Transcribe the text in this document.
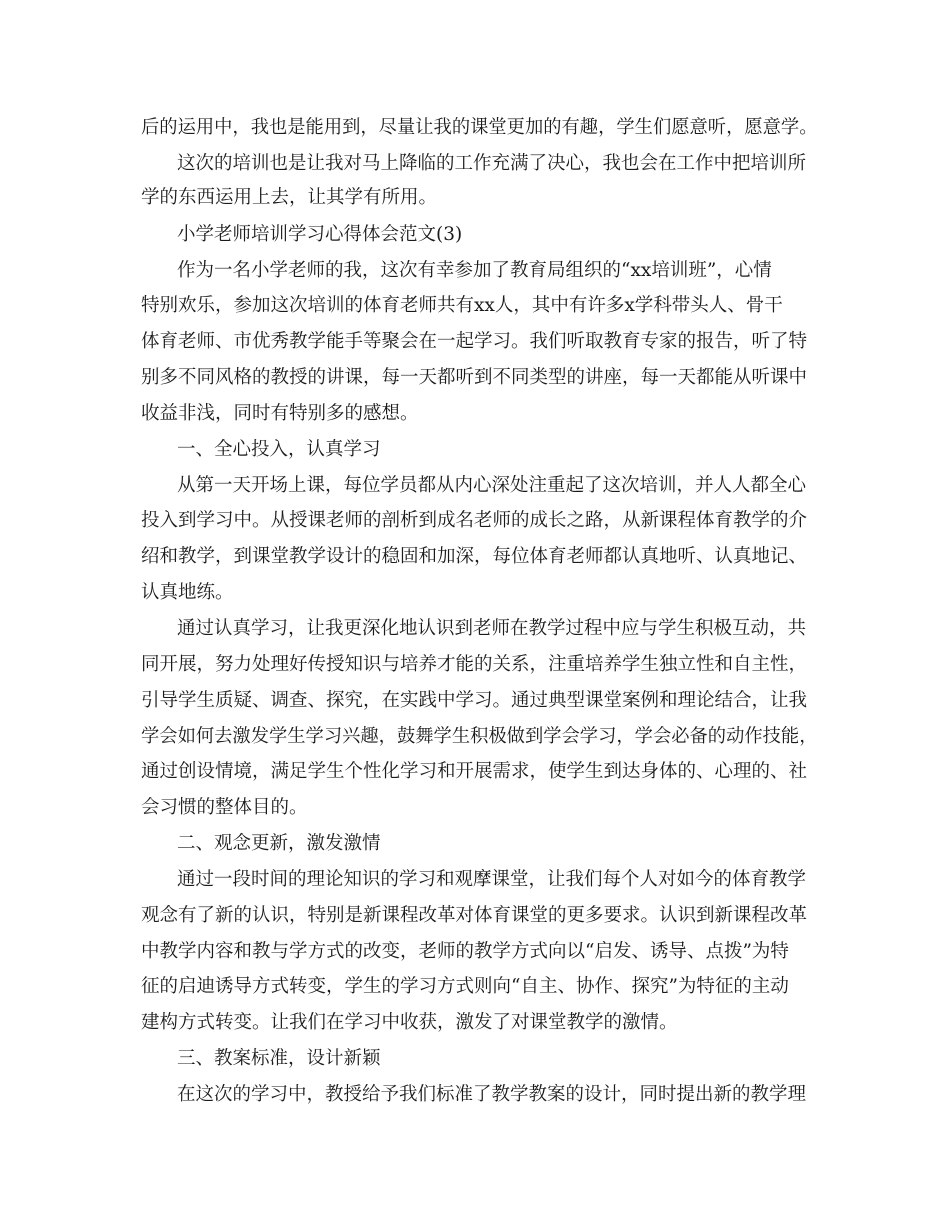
后的运用中，我也是能用到，尽量让我的课堂更加的有趣，学生们愿意听，愿意学。
这次的培训也是让我对马上降临的工作充满了决心，我也会在工作中把培训所
学的东西运用上去，让其学有所用。
小学老师培训学习心得体会范文(3)
作为一名小学老师的我，这次有幸参加了教育局组织的“xx培训班”，心情
特别欢乐，参加这次培训的体育老师共有xx人，其中有许多x学科带头人、骨干
体育老师、市优秀教学能手等聚会在一起学习。我们听取教育专家的报告，听了特
别多不同风格的教授的讲课，每一天都听到不同类型的讲座，每一天都能从听课中
收益非浅，同时有特别多的感想。
一、全心投入，认真学习
从第一天开场上课，每位学员都从内心深处注重起了这次培训，并人人都全心
投入到学习中。从授课老师的剖析到成名老师的成长之路，从新课程体育教学的介
绍和教学，到课堂教学设计的稳固和加深，每位体育老师都认真地听、认真地记、
认真地练。
通过认真学习，让我更深化地认识到老师在教学过程中应与学生积极互动，共
同开展，努力处理好传授知识与培养才能的关系，注重培养学生独立性和自主性，
引导学生质疑、调查、探究，在实践中学习。通过典型课堂案例和理论结合，让我
学会如何去激发学生学习兴趣，鼓舞学生积极做到学会学习，学会必备的动作技能，
通过创设情境，满足学生个性化学习和开展需求，使学生到达身体的、心理的、社
会习惯的整体目的。
二、观念更新，激发激情
通过一段时间的理论知识的学习和观摩课堂，让我们每个人对如今的体育教学
观念有了新的认识，特别是新课程改革对体育课堂的更多要求。认识到新课程改革
中教学内容和教与学方式的改变，老师的教学方式向以“启发、诱导、点拨”为特
征的启迪诱导方式转变，学生的学习方式则向“自主、协作、探究”为特征的主动
建构方式转变。让我们在学习中收获，激发了对课堂教学的激情。
三、教案标准，设计新颖
在这次的学习中，教授给予我们标准了教学教案的设计，同时提出新的教学理
